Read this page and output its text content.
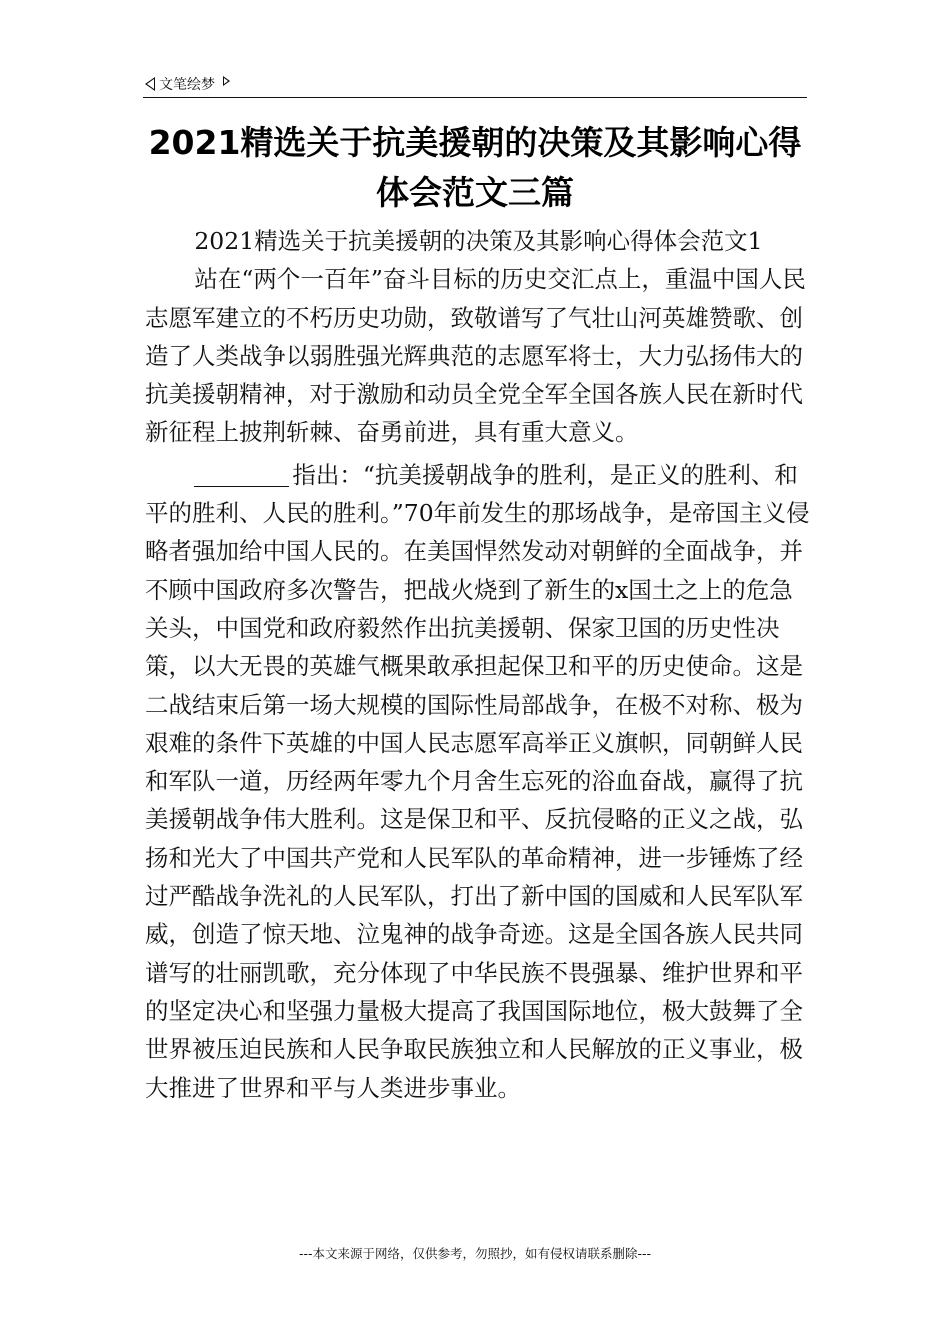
文笔绘梦
2021精选关于抗美援朝的决策及其影响心得
体会范文三篇

2021精选关于抗美援朝的决策及其影响心得体会范文1

站在“两个一百年”奋斗目标的历史交汇点上，重温中国人民志愿军建立的不朽历史功勋，致敬谱写了气壮山河英雄赞歌、创造了人类战争以弱胜强光辉典范的志愿军将士，大力弘扬伟大的抗美援朝精神，对于激励和动员全党全军全国各族人民在新时代新征程上披荆斩棘、奋勇前进，具有重大意义。

指出：“抗美援朝战争的胜利，是正义的胜利、和平的胜利、人民的胜利。”70年前发生的那场战争，是帝国主义侵略者强加给中国人民的。在美国悍然发动对朝鲜的全面战争，并不顾中国政府多次警告，把战火烧到了新生的x国土之上的危急关头，中国党和政府毅然作出抗美援朝、保家卫国的历史性决策，以大无畏的英雄气概果敢承担起保卫和平的历史使命。这是二战结束后第一场大规模的国际性局部战争，在极不对称、极为艰难的条件下英雄的中国人民志愿军高举正义旗帜，同朝鲜人民和军队一道，历经两年零九个月舍生忘死的浴血奋战，赢得了抗美援朝战争伟大胜利。这是保卫和平、反抗侵略的正义之战，弘扬和光大了中国共产党和人民军队的革命精神，进一步锤炼了经过严酷战争洗礼的人民军队，打出了新中国的国威和人民军队军威，创造了惊天地、泣鬼神的战争奇迹。这是全国各族人民共同谱写的壮丽凯歌，充分体现了中华民族不畏强暴、维护世界和平的坚定决心和坚强力量极大提高了我国国际地位，极大鼓舞了全世界被压迫民族和人民争取民族独立和人民解放的正义事业，极大推进了世界和平与人类进步事业。

---本文来源于网络，仅供参考，勿照抄，如有侵权请联系删除---
